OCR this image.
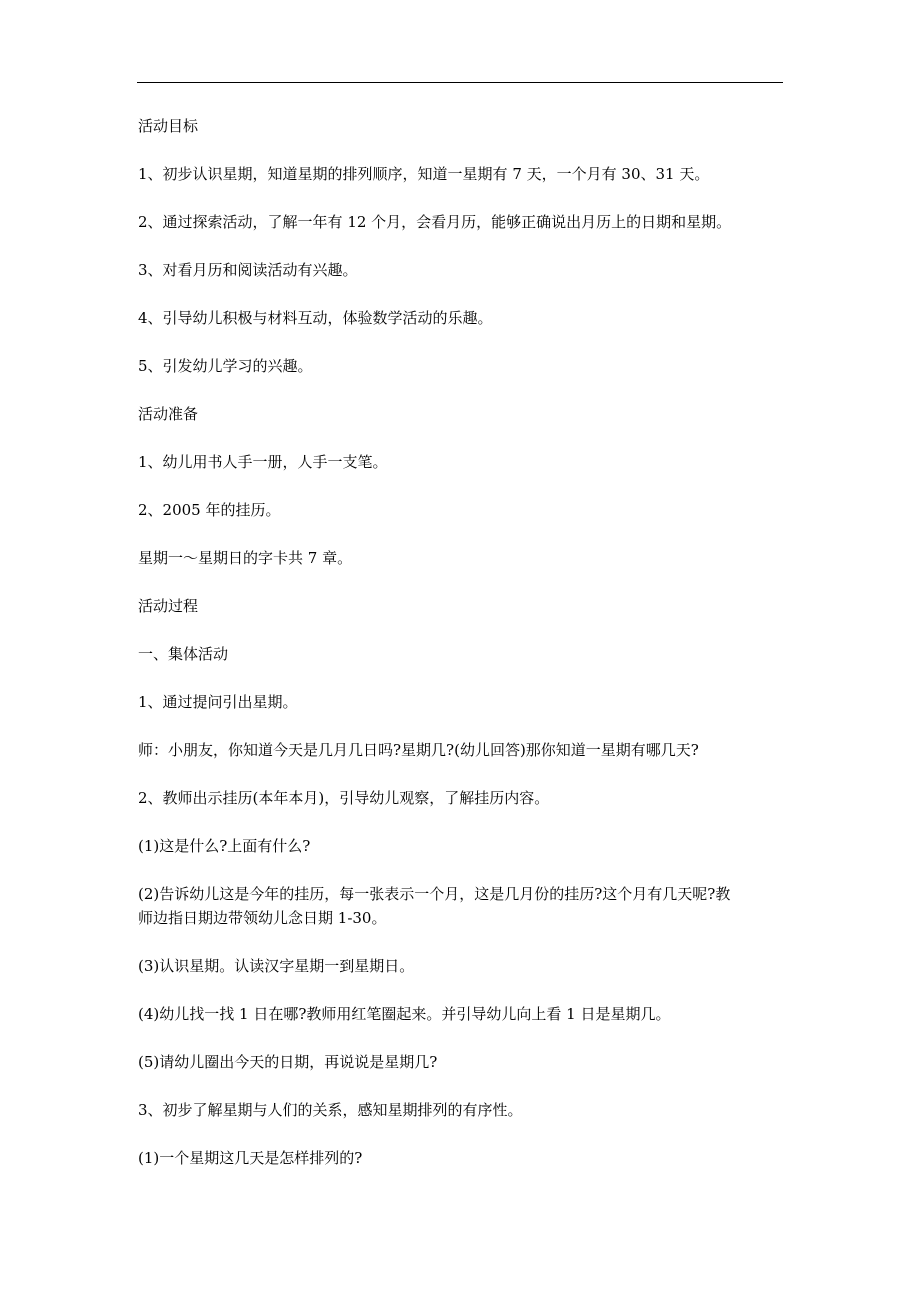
活动目标
1、初步认识星期，知道星期的排列顺序，知道一星期有 7 天，一个月有 30、31 天。
2、通过探索活动，了解一年有 12 个月，会看月历，能够正确说出月历上的日期和星期。
3、对看月历和阅读活动有兴趣。
4、引导幼儿积极与材料互动，体验数学活动的乐趣。
5、引发幼儿学习的兴趣。
活动准备
1、幼儿用书人手一册，人手一支笔。
2、2005 年的挂历。
星期一～星期日的字卡共 7 章。
活动过程
一、集体活动
1、通过提问引出星期。
师：小朋友，你知道今天是几月几日吗?星期几?(幼儿回答)那你知道一星期有哪几天?
2、教师出示挂历(本年本月)，引导幼儿观察，了解挂历内容。
(1)这是什么?上面有什么?
(2)告诉幼儿这是今年的挂历，每一张表示一个月，这是几月份的挂历?这个月有几天呢?教
师边指日期边带领幼儿念日期 1-30。
(3)认识星期。认读汉字星期一到星期日。
(4)幼儿找一找 1 日在哪?教师用红笔圈起来。并引导幼儿向上看 1 日是星期几。
(5)请幼儿圈出今天的日期，再说说是星期几?
3、初步了解星期与人们的关系，感知星期排列的有序性。
(1)一个星期这几天是怎样排列的?
